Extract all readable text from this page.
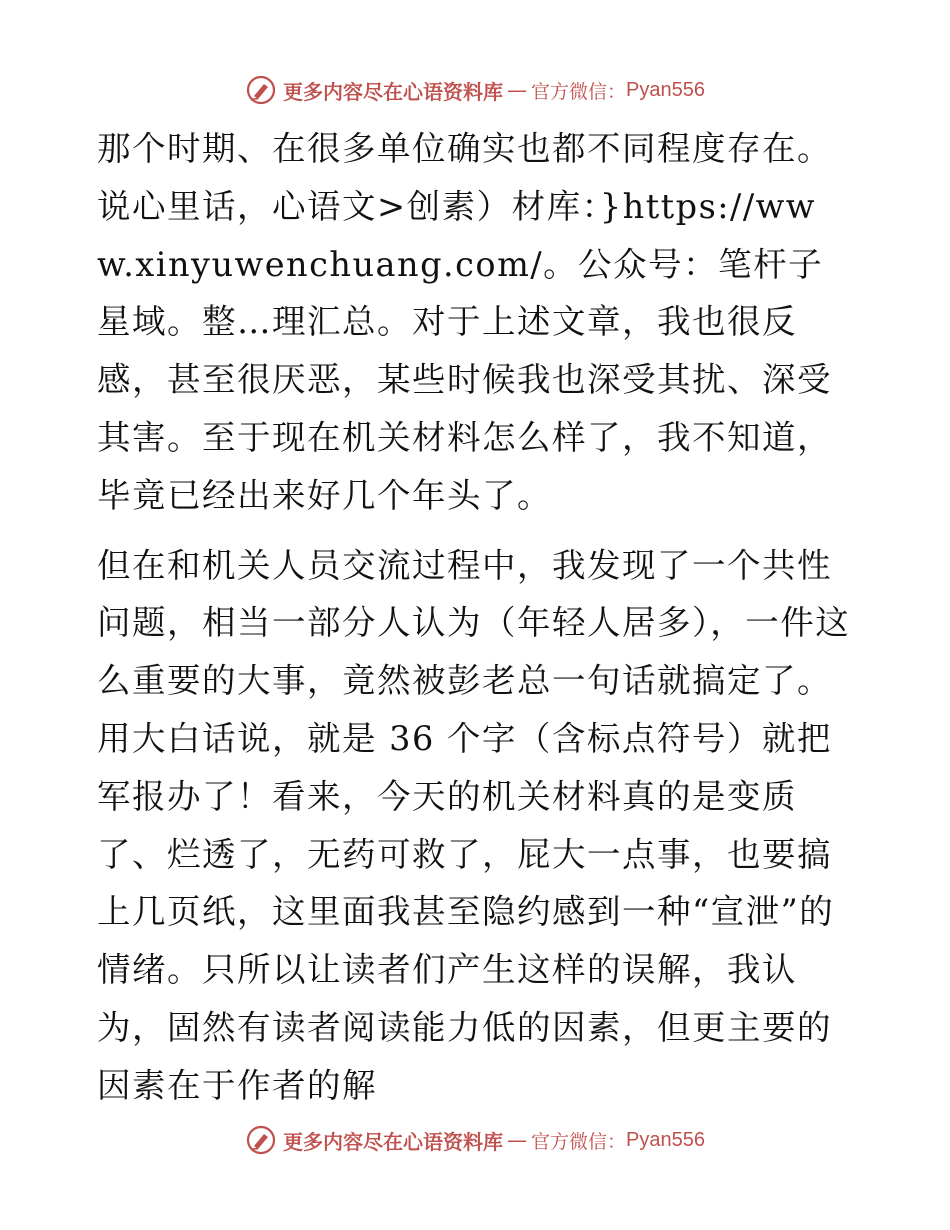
更多内容尽在心语资料库 — 官方微信： Pyan556

那个时期、在很多单位确实也都不同程度存在。说心里话，心语文>创素）材库：}https://www.xinyuwenchuang.com/。公众号：笔杆子星域。整…理汇总。对于上述文章，我也很反感，甚至很厌恶，某些时候我也深受其扰、深受其害。至于现在机关材料怎么样了，我不知道，毕竟已经出来好几个年头了。

但在和机关人员交流过程中，我发现了一个共性问题，相当一部分人认为（年轻人居多），一件这么重要的大事，竟然被彭老总一句话就搞定了。用大白话说，就是 36 个字（含标点符号）就把军报办了！看来，今天的机关材料真的是变质了、烂透了，无药可救了，屁大一点事，也要搞上几页纸，这里面我甚至隐约感到一种“宣泄”的情绪。只所以让读者们产生这样的误解，我认为，固然有读者阅读能力低的因素，但更主要的因素在于作者的解

更多内容尽在心语资料库 — 官方微信： Pyan556
